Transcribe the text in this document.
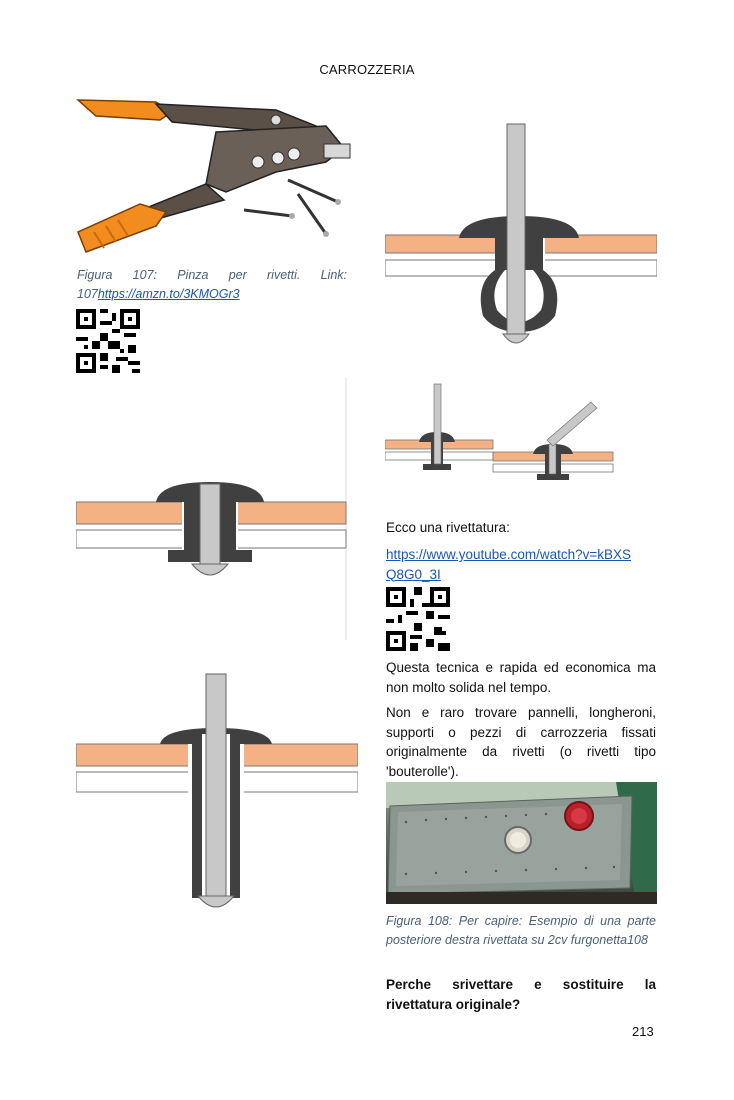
CARROZZERIA
Figura 107: Pinza per rivetti. Link: 107https://amzn.to/3KMOGr3
Ecco una rivettatura:
https://www.youtube.com/watch?v=kBXS
Q8G0_3I
Questa tecnica e rapida ed economica ma non molto solida nel tempo.
Non e raro trovare pannelli, longheroni, supporti o pezzi di carrozzeria fissati originalmente da rivetti (o rivetti tipo 'bouterolle').
Figura 108: Per capire: Esempio di una parte posteriore destra rivettata su 2cv furgonetta108
Perche srivettare e sostituire la rivettatura originale?
213
